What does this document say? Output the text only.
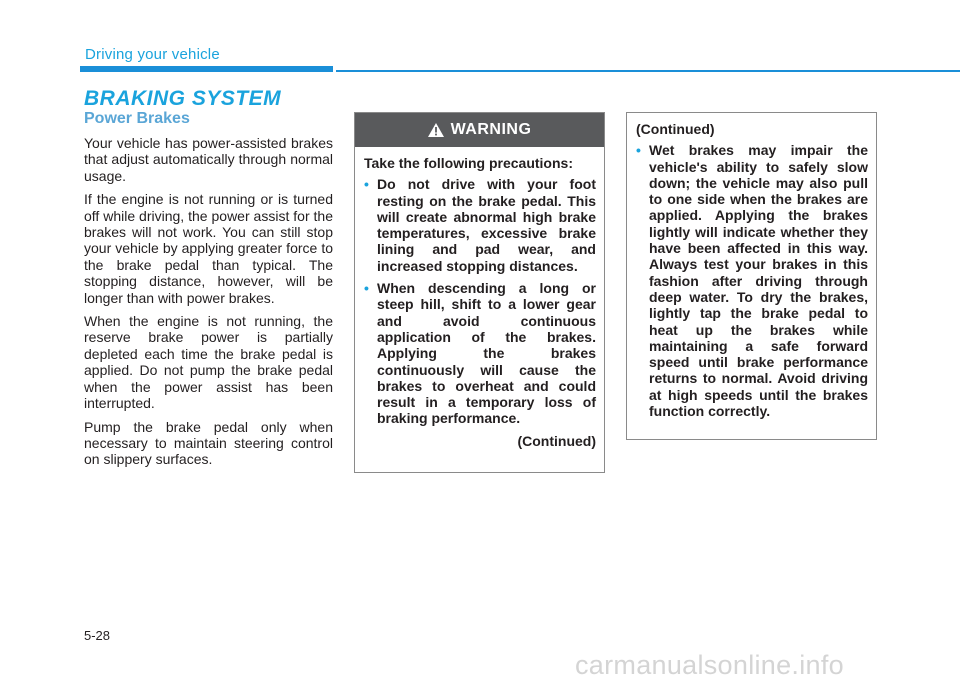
Driving your vehicle
BRAKING SYSTEM
Power Brakes

Your vehicle has power-assisted brakes that adjust automatically through normal usage.

If the engine is not running or is turned off while driving, the power assist for the brakes will not work. You can still stop your vehicle by applying greater force to the brake pedal than typical. The stopping distance, however, will be longer than with power brakes.

When the engine is not running, the reserve brake power is partially depleted each time the brake pedal is applied. Do not pump the brake pedal when the power assist has been interrupted.

Pump the brake pedal only when necessary to maintain steering control on slippery surfaces.

WARNING

Take the following precautions:

• Do not drive with your foot resting on the brake pedal. This will create abnormal high brake temperatures, excessive brake lining and pad wear, and increased stopping distances.
• When descending a long or steep hill, shift to a lower gear and avoid continuous application of the brakes. Applying the brakes continuously will cause the brakes to overheat and could result in a temporary loss of braking performance.

(Continued)

(Continued)

• Wet brakes may impair the vehicle's ability to safely slow down; the vehicle may also pull to one side when the brakes are applied. Applying the brakes lightly will indicate whether they have been affected in this way. Always test your brakes in this fashion after driving through deep water. To dry the brakes, lightly tap the brake pedal to heat up the brakes while maintaining a safe forward speed until brake performance returns to normal. Avoid driving at high speeds until the brakes function correctly.
5-28
carmanualsonline.info
